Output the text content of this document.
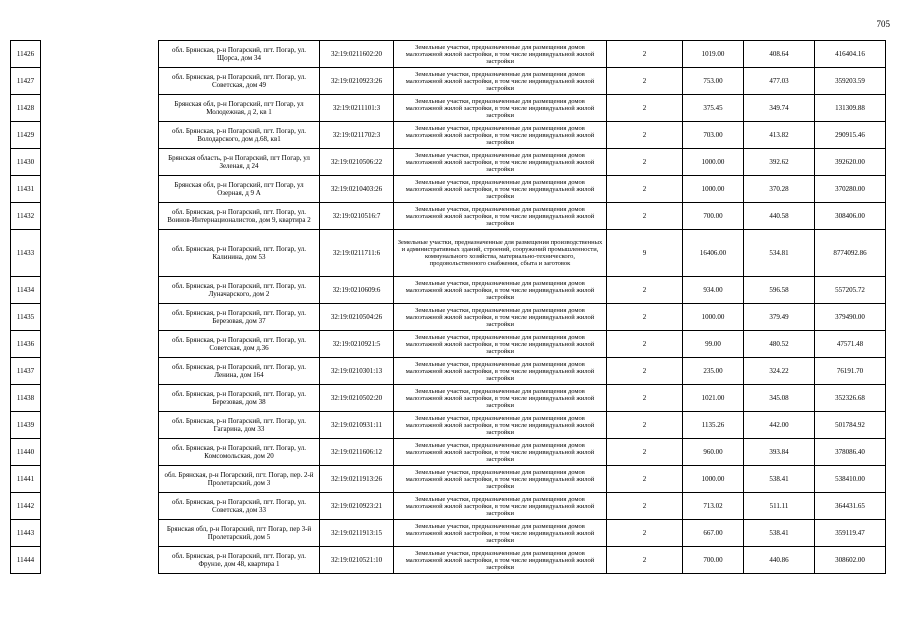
705
11426		обл. Брянская, р-н Погарский, пгт. Погар, ул. Щорса, дом 34	32:19:0211602:20	Земельные участки, предназначенные для размещения домов малоэтажной жилой застройки, в том числе индивидуальной жилой застройки	2	1019.00	408.64	416404.16
11427		обл. Брянская, р-н Погарский, пгт. Погар, ул. Советская, дом 49	32:19:0210923:26	Земельные участки, предназначенные для размещения домов малоэтажной жилой застройки, в том числе индивидуальной жилой застройки	2	753.00	477.03	359203.59
11428		Брянская обл, р-н Погарский, пгт Погар, ул Молодежная, д 2, кв 1	32:19:0211101:3	Земельные участки, предназначенные для размещения домов малоэтажной жилой застройки, в том числе индивидуальной жилой застройки	2	375.45	349.74	131309.88
11429		обл. Брянская, р-н Погарский, пгт. Погар, ул. Володарского, дом д.68, кв1	32:19:0211702:3	Земельные участки, предназначенные для размещения домов малоэтажной жилой застройки, в том числе индивидуальной жилой застройки	2	703.00	413.82	290915.46
11430		Брянская область, р-н Погарский, пгт Погар, ул Зеленая, д 24	32:19:0210506:22	Земельные участки, предназначенные для размещения домов малоэтажной жилой застройки, в том числе индивидуальной жилой застройки	2	1000.00	392.62	392620.00
11431		Брянская обл, р-н Погарский, пгт Погар, ул Озерная, д 9 А	32:19:0210403:26	Земельные участки, предназначенные для размещения домов малоэтажной жилой застройки, в том числе индивидуальной жилой застройки	2	1000.00	370.28	370280.00
11432		обл. Брянская, р-н Погарский, пгт. Погар, ул. Воинов-Интернационалистов, дом 9, квартира 2	32:19:0210516:7	Земельные участки, предназначенные для размещения домов малоэтажной жилой застройки, в том числе индивидуальной жилой застройки	2	700.00	440.58	308406.00
11433		обл. Брянская, р-н Погарский, пгт. Погар, ул. Калинина, дом 53	32:19:0211711:6	Земельные участки, предназначенные для размещения производственных и административных зданий, строений, сооружений промышленности, коммунального хозяйства, материально-технического, продовольственного снабжения, сбыта и заготовок	9	16406.00	534.81	8774092.86
11434		обл. Брянская, р-н Погарский, пгт. Погар, ул. Луначарского, дом 2	32:19:0210609:6	Земельные участки, предназначенные для размещения домов малоэтажной жилой застройки, в том числе индивидуальной жилой застройки	2	934.00	596.58	557205.72
11435		обл. Брянская, р-н Погарский, пгт. Погар, ул. Березовая, дом 37	32:19:0210504:26	Земельные участки, предназначенные для размещения домов малоэтажной жилой застройки, в том числе индивидуальной жилой застройки	2	1000.00	379.49	379490.00
11436		обл. Брянская, р-н Погарский, пгт. Погар, ул. Советская, дом д.36	32:19:0210921:5	Земельные участки, предназначенные для размещения домов малоэтажной жилой застройки, в том числе индивидуальной жилой застройки	2	99.00	480.52	47571.48
11437		обл. Брянская, р-н Погарский, пгт. Погар, ул. Ленина, дом 164	32:19:0210301:13	Земельные участки, предназначенные для размещения домов малоэтажной жилой застройки, в том числе индивидуальной жилой застройки	2	235.00	324.22	76191.70
11438		обл. Брянская, р-н Погарский, пгт. Погар, ул. Березовая, дом 38	32:19:0210502:20	Земельные участки, предназначенные для размещения домов малоэтажной жилой застройки, в том числе индивидуальной жилой застройки	2	1021.00	345.08	352326.68
11439		обл. Брянская, р-н Погарский, пгт. Погар, ул. Гагарина, дом 33	32:19:0210931:11	Земельные участки, предназначенные для размещения домов малоэтажной жилой застройки, в том числе индивидуальной жилой застройки	2	1135.26	442.00	501784.92
11440		обл. Брянская, р-н Погарский, пгт. Погар, ул. Комсомольская, дом 20	32:19:0211606:12	Земельные участки, предназначенные для размещения домов малоэтажной жилой застройки, в том числе индивидуальной жилой застройки	2	960.00	393.84	378086.40
11441		обл. Брянская, р-н Погарский, пгт. Погар, пер. 2-й Пролетарский, дом 3	32:19:0211913:26	Земельные участки, предназначенные для размещения домов малоэтажной жилой застройки, в том числе индивидуальной жилой застройки	2	1000.00	538.41	538410.00
11442		обл. Брянская, р-н Погарский, пгт. Погар, ул. Советская, дом 33	32:19:0210923:21	Земельные участки, предназначенные для размещения домов малоэтажной жилой застройки, в том числе индивидуальной жилой застройки	2	713.02	511.11	364431.65
11443		Брянская обл, р-н Погарский, пгт Погар, пер 3-й Пролетарский, дом 5	32:19:0211913:15	Земельные участки, предназначенные для размещения домов малоэтажной жилой застройки, в том числе индивидуальной жилой застройки	2	667.00	538.41	359119.47
11444		обл. Брянская, р-н Погарский, пгт. Погар, ул. Фрунзе, дом 48, квартира 1	32:19:0210521:10	Земельные участки, предназначенные для размещения домов малоэтажной жилой застройки, в том числе индивидуальной жилой застройки	2	700.00	440.86	308602.00
